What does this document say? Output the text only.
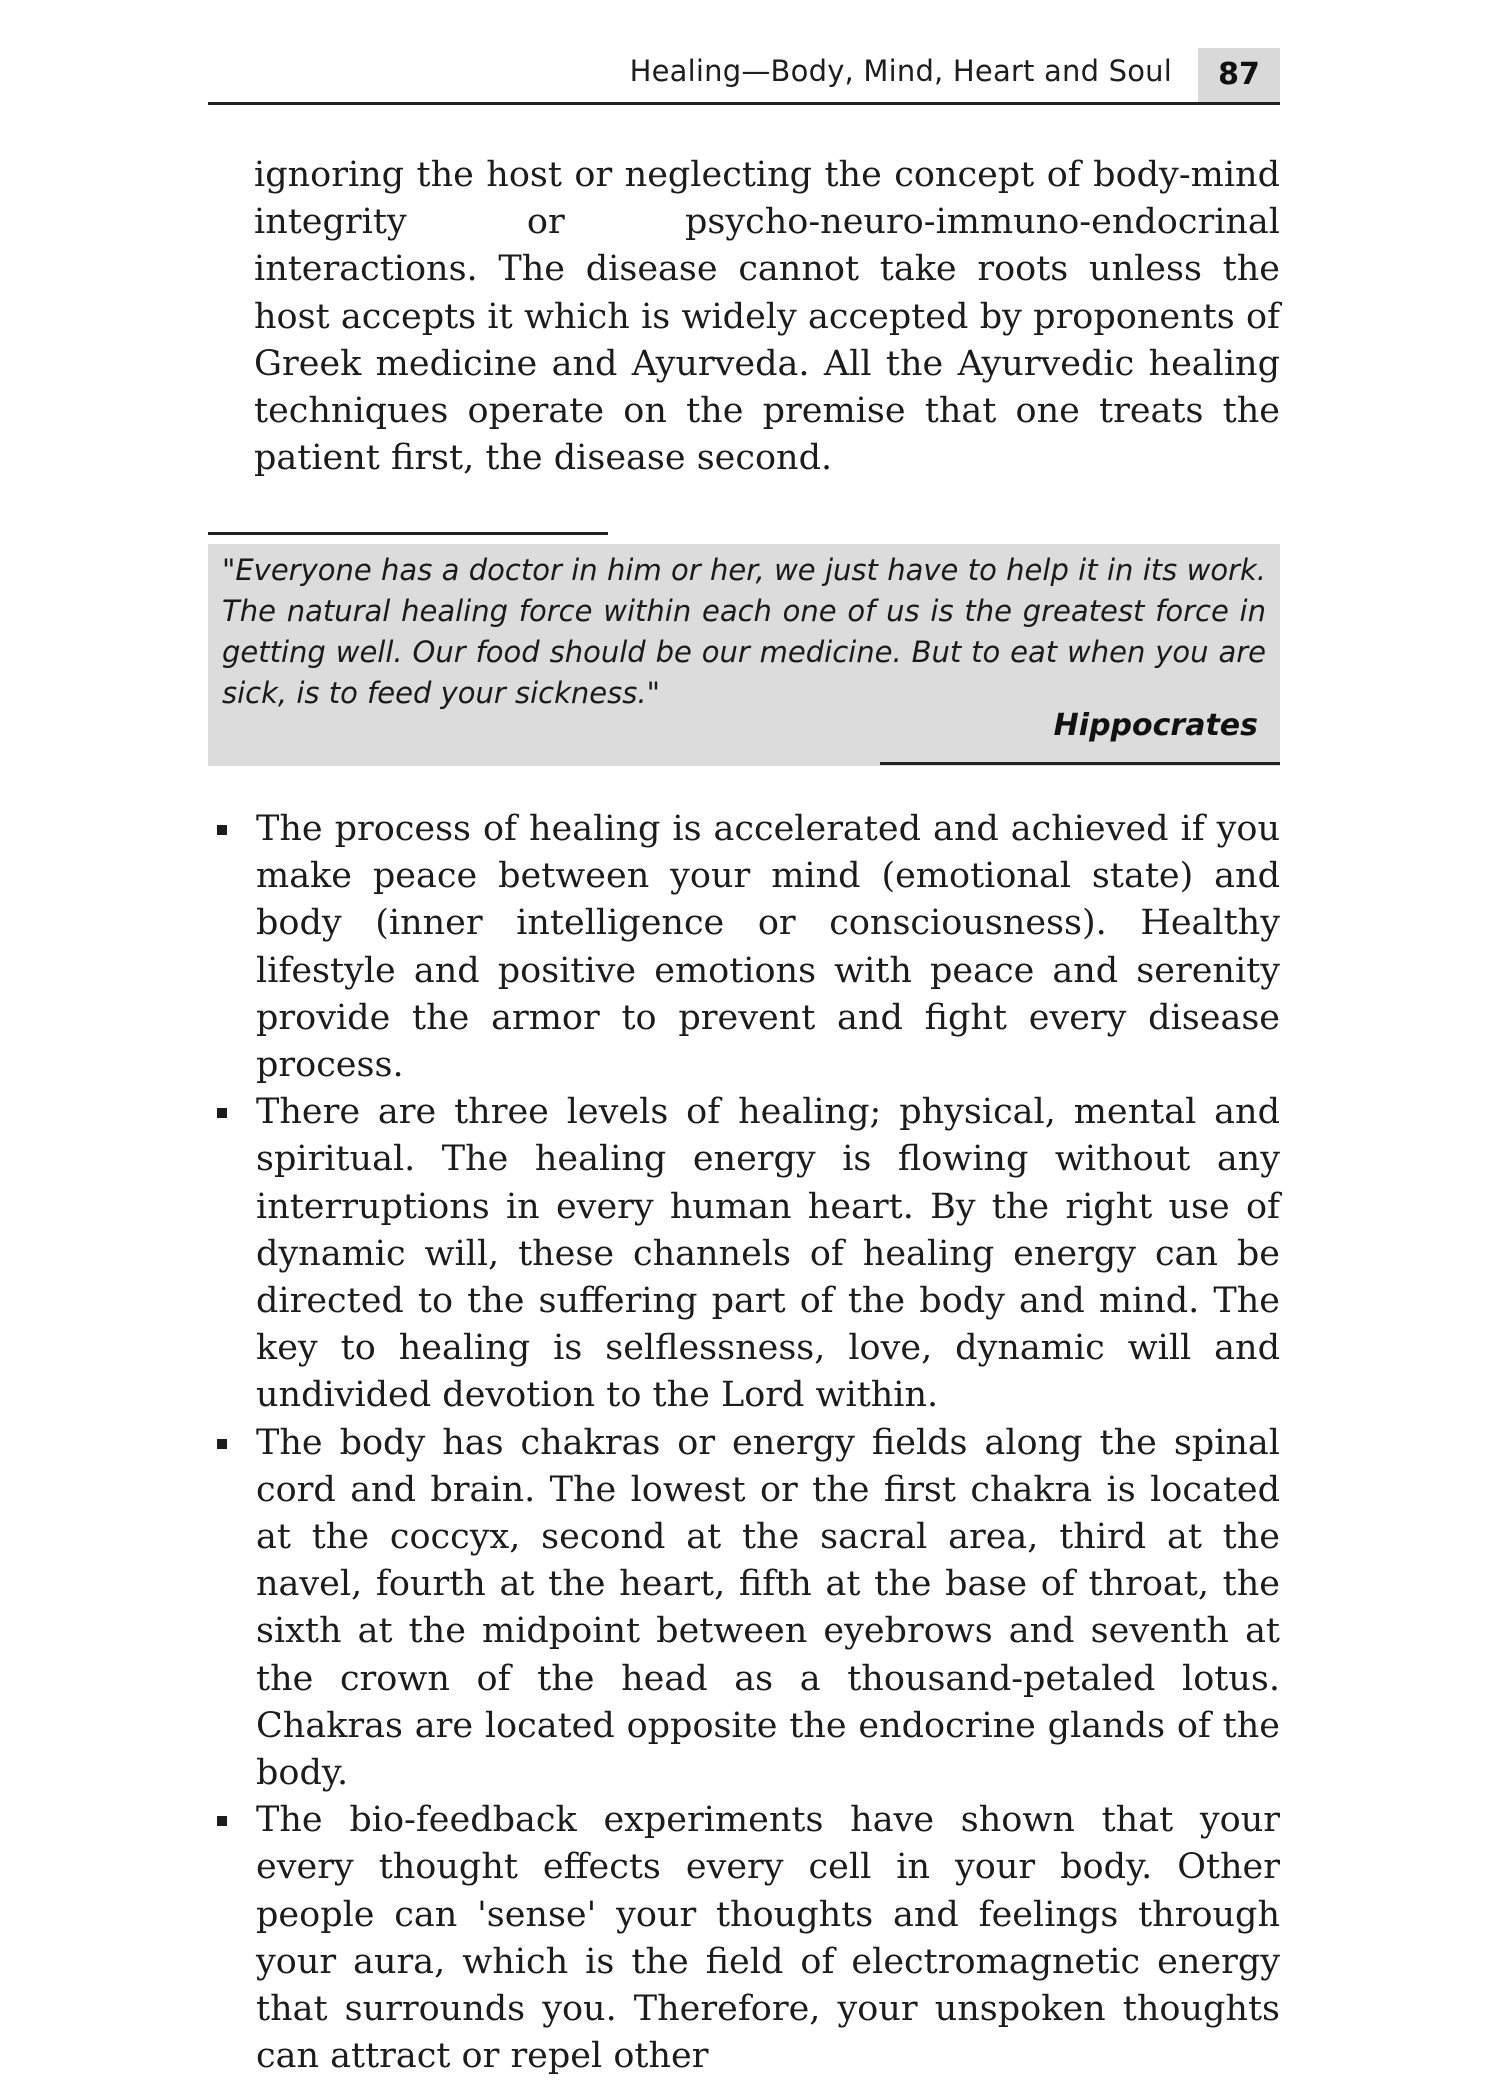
Healing—Body, Mind, Heart and Soul	87

ignoring the host or neglecting the concept of body-mind integrity or psycho-neuro-immuno-endocrinal interactions. The disease cannot take roots unless the host accepts it which is widely accepted by proponents of Greek medicine and Ayurveda. All the Ayurvedic healing techniques operate on the premise that one treats the patient first, the disease second.

"Everyone has a doctor in him or her, we just have to help it in its work. The natural healing force within each one of us is the greatest force in getting well. Our food should be our medicine. But to eat when you are sick, is to feed your sickness."

Hippocrates
The process of healing is accelerated and achieved if you make peace between your mind (emotional state) and body (inner intelligence or consciousness). Healthy lifestyle and positive emotions with peace and serenity provide the armor to prevent and fight every disease process.
There are three levels of healing; physical, mental and spiritual. The healing energy is flowing without any interruptions in every human heart. By the right use of dynamic will, these channels of healing energy can be directed to the suffering part of the body and mind. The key to healing is selflessness, love, dynamic will and undivided devotion to the Lord within.
The body has chakras or energy fields along the spinal cord and brain. The lowest or the first chakra is located at the coccyx, second at the sacral area, third at the navel, fourth at the heart, fifth at the base of throat, the sixth at the midpoint between eyebrows and seventh at the crown of the head as a thousand-petaled lotus. Chakras are located opposite the endocrine glands of the body.
The bio-feedback experiments have shown that your every thought effects every cell in your body. Other people can 'sense' your thoughts and feelings through your aura, which is the field of electromagnetic energy that surrounds you. Therefore, your unspoken thoughts can attract or repel other
